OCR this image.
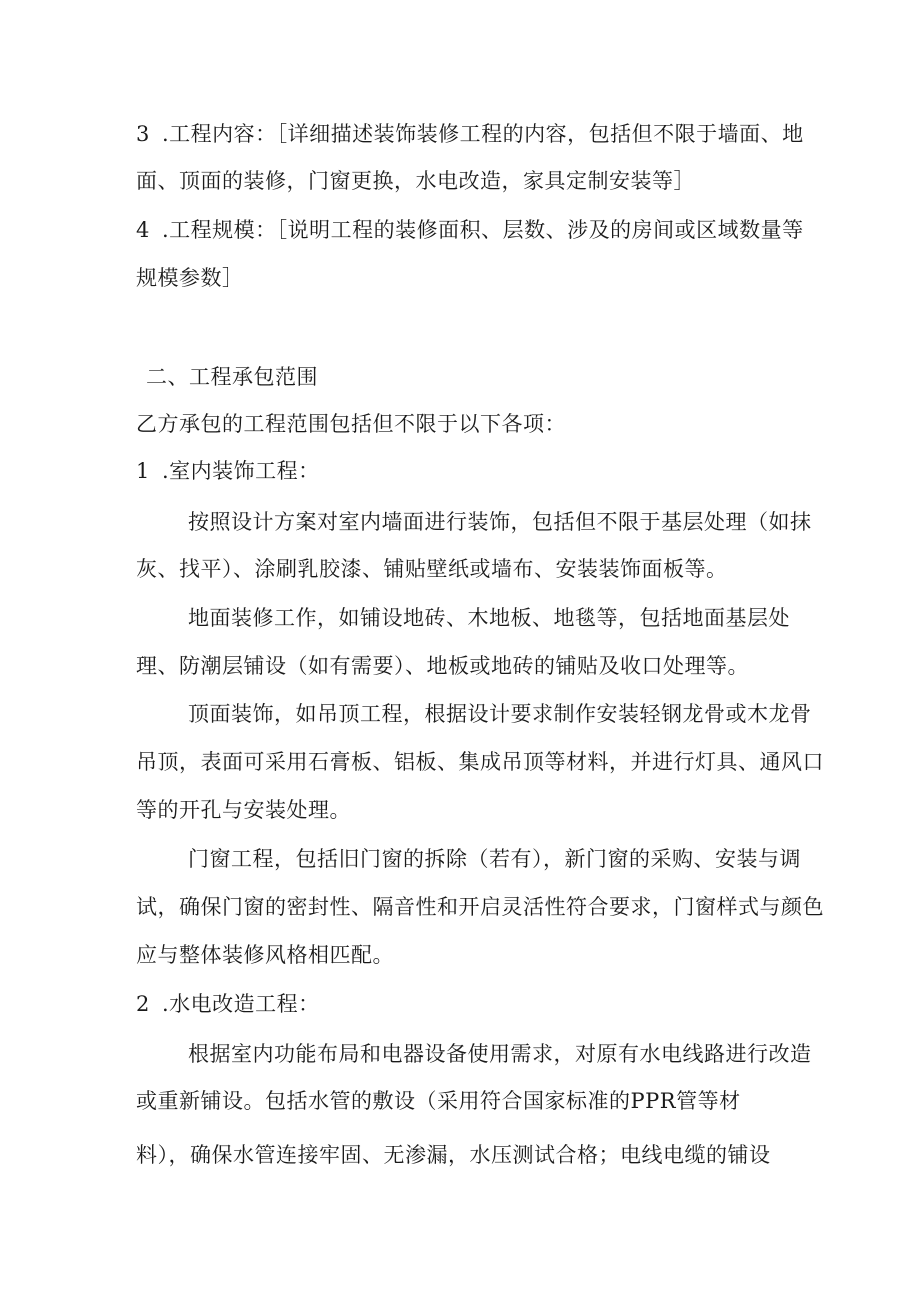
3 .工程内容：［详细描述装饰装修工程的内容，包括但不限于墙面、地
面、顶面的装修，门窗更换，水电改造，家具定制安装等］
4 .工程规模：［说明工程的装修面积、层数、涉及的房间或区域数量等
规模参数］
二、工程承包范围
乙方承包的工程范围包括但不限于以下各项：
1 .室内装饰工程：
按照设计方案对室内墙面进行装饰，包括但不限于基层处理（如抹
灰、找平）、涂刷乳胶漆、铺贴壁纸或墙布、安装装饰面板等。
地面装修工作，如铺设地砖、木地板、地毯等，包括地面基层处
理、防潮层铺设（如有需要）、地板或地砖的铺贴及收口处理等。
顶面装饰，如吊顶工程，根据设计要求制作安装轻钢龙骨或木龙骨
吊顶，表面可采用石膏板、铝板、集成吊顶等材料，并进行灯具、通风口
等的开孔与安装处理。
门窗工程，包括旧门窗的拆除（若有），新门窗的采购、安装与调
试，确保门窗的密封性、隔音性和开启灵活性符合要求，门窗样式与颜色
应与整体装修风格相匹配。
2 .水电改造工程：
根据室内功能布局和电器设备使用需求，对原有水电线路进行改造
或重新铺设。包括水管的敷设（采用符合国家标准的PPR管等材
料），确保水管连接牢固、无渗漏，水压测试合格；电线电缆的铺设
